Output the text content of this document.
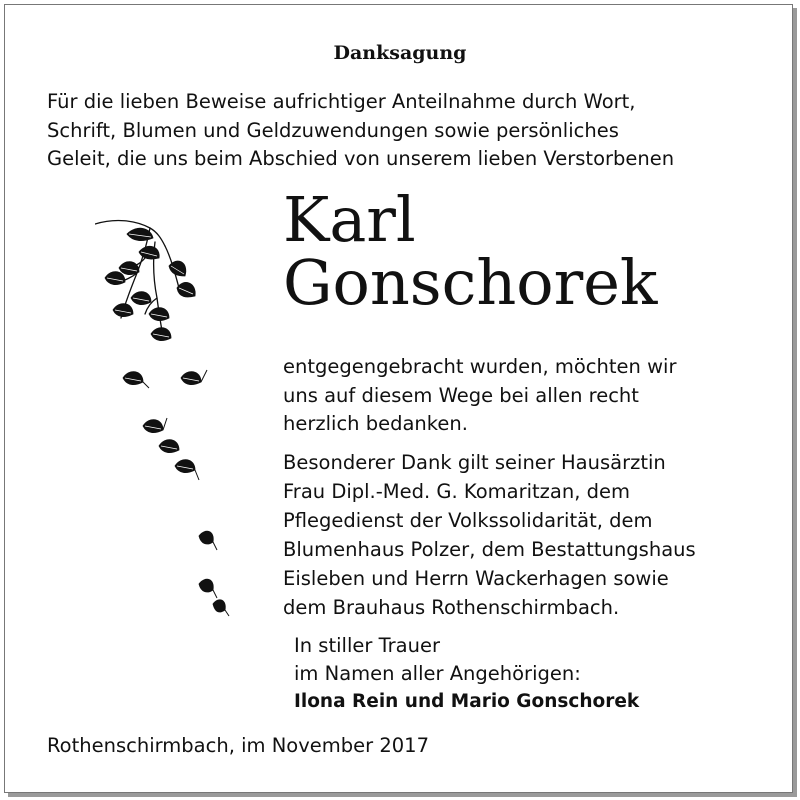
Danksagung
Für die lieben Beweise aufrichtiger Anteilnahme durch Wort,
Schrift, Blumen und Geldzuwendungen sowie persönliches
Geleit, die uns beim Abschied von unserem lieben Verstorbenen
Karl
Gonschorek
entgegengebracht wurden, möchten wir
uns auf diesem Wege bei allen recht
herzlich bedanken.
Besonderer Dank gilt seiner Hausärztin
Frau Dipl.-Med. G. Komaritzan, dem
Pflegedienst der Volkssolidarität, dem
Blumenhaus Polzer, dem Bestattungshaus
Eisleben und Herrn Wackerhagen sowie
dem Brauhaus Rothenschirmbach.
In stiller Trauer
im Namen aller Angehörigen:
Ilona Rein und Mario Gonschorek
Rothenschirmbach, im November 2017
